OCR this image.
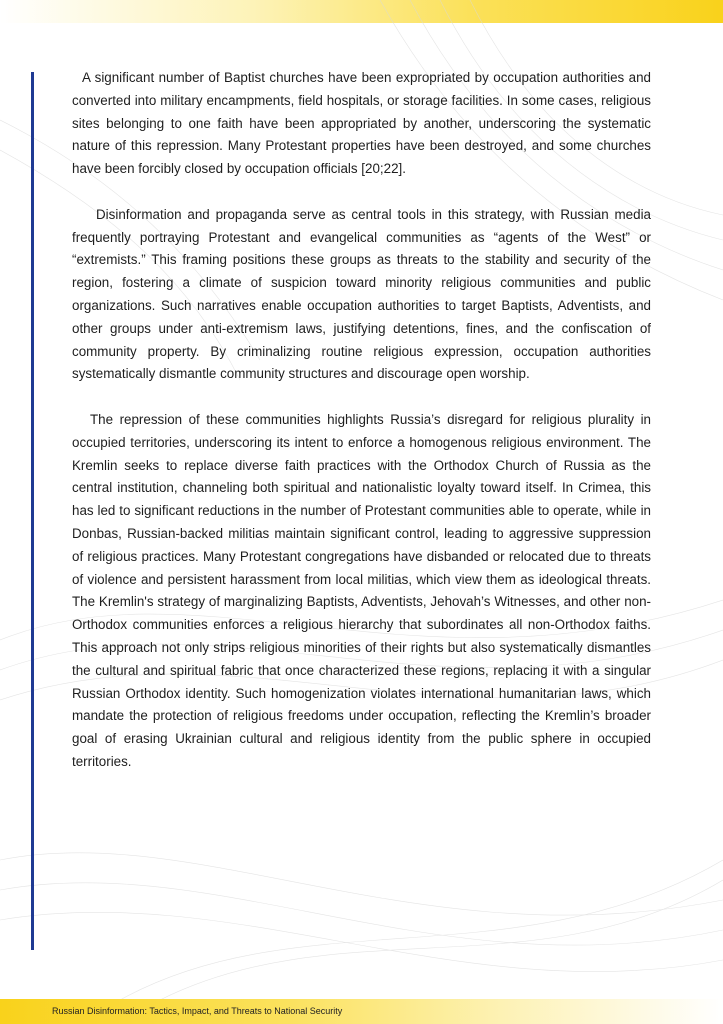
A significant number of Baptist churches have been expropriated by occupation authorities and converted into military encampments, field hospitals, or storage facilities. In some cases, religious sites belonging to one faith have been appropriated by another, underscoring the systematic nature of this repression. Many Protestant properties have been destroyed, and some churches have been forcibly closed by occupation officials [20;22].

Disinformation and propaganda serve as central tools in this strategy, with Russian media frequently portraying Protestant and evangelical communities as “agents of the West” or “extremists.” This framing positions these groups as threats to the stability and security of the region, fostering a climate of suspicion toward minority religious communities and public organizations. Such narratives enable occupation authorities to target Baptists, Adventists, and other groups under anti-extremism laws, justifying detentions, fines, and the confiscation of community property. By criminalizing routine religious expression, occupation authorities systematically dismantle community structures and discourage open worship.

The repression of these communities highlights Russia’s disregard for religious plurality in occupied territories, underscoring its intent to enforce a homogenous religious environment. The Kremlin seeks to replace diverse faith practices with the Orthodox Church of Russia as the central institution, channeling both spiritual and nationalistic loyalty toward itself. In Crimea, this has led to significant reductions in the number of Protestant communities able to operate, while in Donbas, Russian-backed militias maintain significant control, leading to aggressive suppression of religious practices. Many Protestant congregations have disbanded or relocated due to threats of violence and persistent harassment from local militias, which view them as ideological threats. The Kremlin's strategy of marginalizing Baptists, Adventists, Jehovah’s Witnesses, and other non-Orthodox communities enforces a religious hierarchy that subordinates all non-Orthodox faiths. This approach not only strips religious minorities of their rights but also systematically dismantles the cultural and spiritual fabric that once characterized these regions, replacing it with a singular Russian Orthodox identity. Such homogenization violates international humanitarian laws, which mandate the protection of religious freedoms under occupation, reflecting the Kremlin’s broader goal of erasing Ukrainian cultural and religious identity from the public sphere in occupied territories.

Russian Disinformation: Tactics, Impact, and Threats to National Security
